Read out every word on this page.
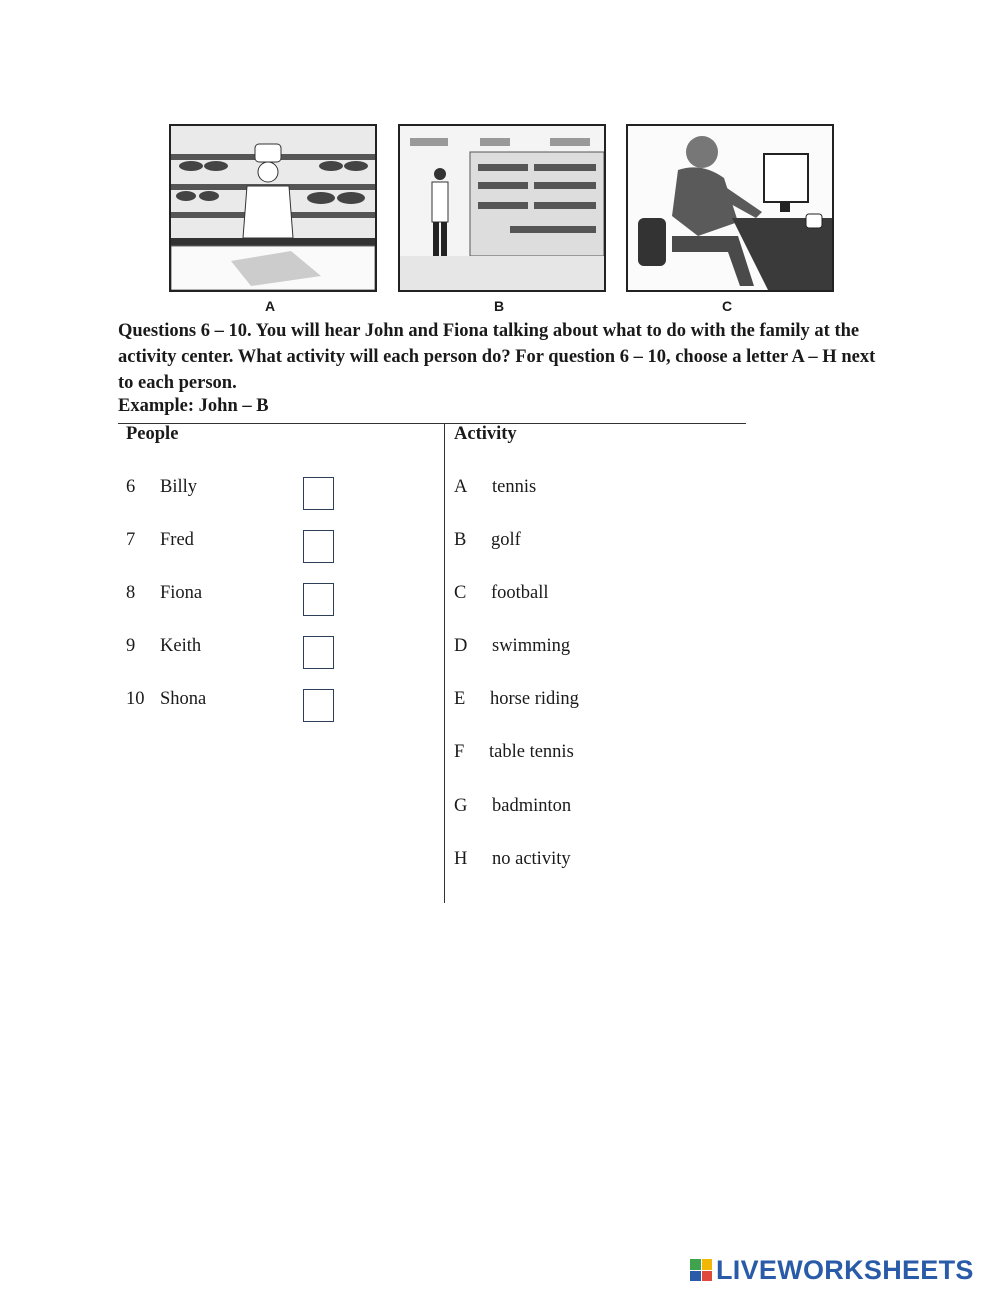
A	B	C
Questions 6 – 10. You will hear John and Fiona talking about what to do with the family at the activity center. What activity will each person do? For question 6 – 10, choose a letter A – H next to each person.
Example: John – B
People	Activity
6 Billy
7 Fred
8 Fiona
9 Keith
10 Shona
A tennis
B golf
C football
D swimming
E horse riding
F table tennis
G badminton
H no activity
LIVEWORKSHEETS
